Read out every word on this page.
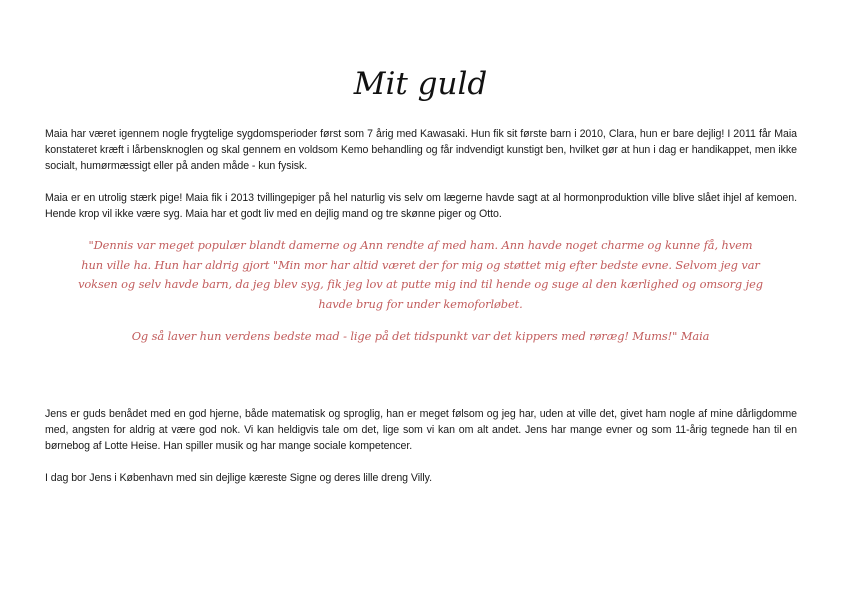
Mit guld

Maia har været igennem nogle frygtelige sygdomsperioder først som 7 årig med Kawasaki. Hun fik sit første barn i 2010, Clara, hun er bare dejlig! I 2011 får Maia konstateret kræft i lårbensknoglen og skal gennem en voldsom Kemo behandling og får indvendigt kunstigt ben, hvilket gør at hun i dag er handikappet, men ikke socialt, humørmæssigt eller på anden måde - kun fysisk.

Maia er en utrolig stærk pige! Maia fik i 2013 tvillingepiger på hel naturlig vis selv om lægerne havde sagt at al hormonproduktion ville blive slået ihjel af kemoen. Hende krop vil ikke være syg. Maia har et godt liv med en dejlig mand og tre skønne piger og Otto.

"Dennis var meget populær blandt damerne og Ann rendte af med ham. Ann havde noget charme og kunne få, hvem hun ville ha. Hun har aldrig gjort "Min mor har altid været der for mig og støttet mig efter bedste evne. Selvom jeg var voksen og selv havde barn, da jeg blev syg, fik jeg lov at putte mig ind til hende og suge al den kærlighed og omsorg jeg havde brug for under kemoforløbet.

Og så laver hun verdens bedste mad - lige på det tidspunkt var det kippers med røræg! Mums!" Maia

Jens er guds benådet med en god hjerne, både matematisk og sproglig, han er meget følsom og jeg har, uden at ville det, givet ham nogle af mine dårligdomme med, angsten for aldrig at være god nok. Vi kan heldigvis tale om det, lige som vi kan om alt andet. Jens har mange evner og som 11-årig tegnede han til en børnebog af Lotte Heise. Han spiller musik og har mange sociale kompetencer.

I dag bor Jens i København med sin dejlige kæreste Signe og deres lille dreng Villy.
